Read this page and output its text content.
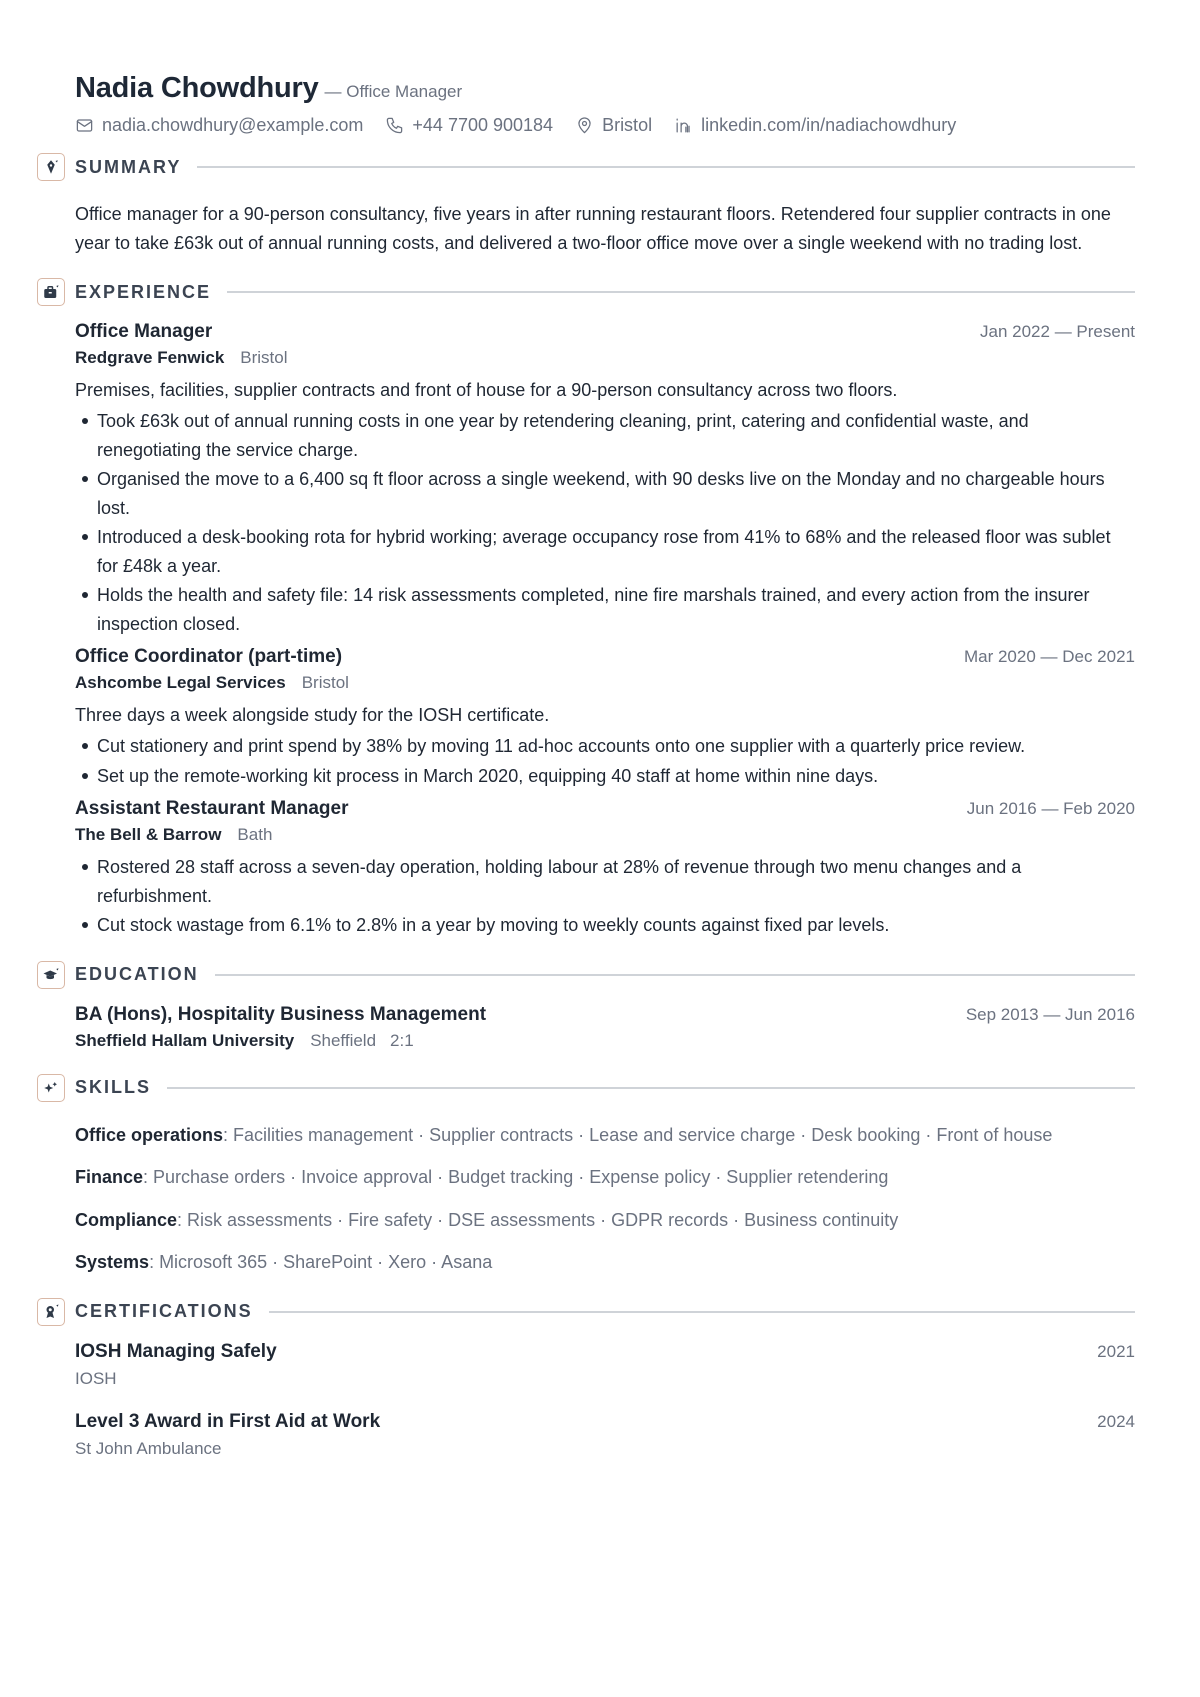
Nadia Chowdhury — Office Manager
nadia.chowdhury@example.com	+44 7700 900184	Bristol	linkedin.com/in/nadiachowdhury
SUMMARY

Office manager for a 90-person consultancy, five years in after running restaurant floors. Retendered four supplier contracts in one year to take £63k out of annual running costs, and delivered a two-floor office move over a single weekend with no trading lost.

EXPERIENCE
Office Manager	Jan 2022 — Present
Redgrave Fenwick Bristol
Premises, facilities, supplier contracts and front of house for a 90-person consultancy across two floors.
Took £63k out of annual running costs in one year by retendering cleaning, print, catering and confidential waste, and renegotiating the service charge.
Organised the move to a 6,400 sq ft floor across a single weekend, with 90 desks live on the Monday and no chargeable hours lost.
Introduced a desk-booking rota for hybrid working; average occupancy rose from 41% to 68% and the released floor was sublet for £48k a year.
Holds the health and safety file: 14 risk assessments completed, nine fire marshals trained, and every action from the insurer inspection closed.
Office Coordinator (part-time)	Mar 2020 — Dec 2021
Ashcombe Legal Services Bristol
Three days a week alongside study for the IOSH certificate.
Cut stationery and print spend by 38% by moving 11 ad-hoc accounts onto one supplier with a quarterly price review.
Set up the remote-working kit process in March 2020, equipping 40 staff at home within nine days.
Assistant Restaurant Manager	Jun 2016 — Feb 2020
The Bell & Barrow Bath
Rostered 28 staff across a seven-day operation, holding labour at 28% of revenue through two menu changes and a refurbishment.
Cut stock wastage from 6.1% to 2.8% in a year by moving to weekly counts against fixed par levels.
EDUCATION
BA (Hons), Hospitality Business Management	Sep 2013 — Jun 2016
Sheffield Hallam University Sheffield 2:1
SKILLS
Office operations: Facilities management · Supplier contracts · Lease and service charge · Desk booking · Front of house
Finance: Purchase orders · Invoice approval · Budget tracking · Expense policy · Supplier retendering
Compliance: Risk assessments · Fire safety · DSE assessments · GDPR records · Business continuity
Systems: Microsoft 365 · SharePoint · Xero · Asana
CERTIFICATIONS
IOSH Managing Safely	2021
IOSH
Level 3 Award in First Aid at Work	2024
St John Ambulance
